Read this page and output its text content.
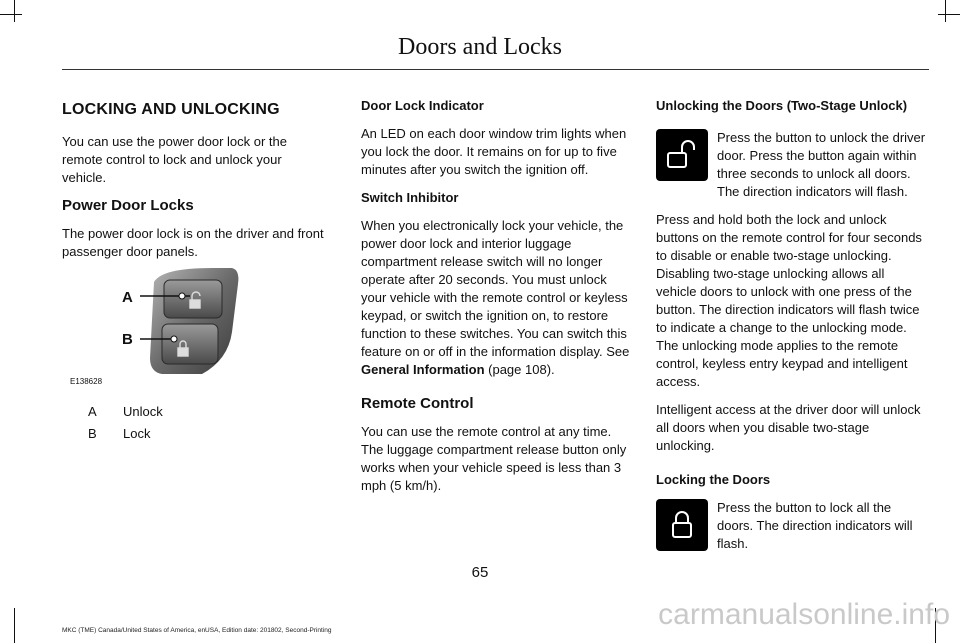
Doors and Locks
LOCKING AND UNLOCKING

You can use the power door lock or the remote control to lock and unlock your vehicle.

Power Door Locks

The power door lock is on the driver and front passenger door panels.

A
B
E138628
A	Unlock
B	Lock
Door Lock Indicator

An LED on each door window trim lights when you lock the door. It remains on for up to five minutes after you switch the ignition off.

Switch Inhibitor

When you electronically lock your vehicle, the power door lock and interior luggage compartment release switch will no longer operate after 20 seconds. You must unlock your vehicle with the remote control or keyless keypad, or switch the ignition on, to restore function to these switches. You can switch this feature on or off in the information display. See General Information (page 108).

Remote Control

You can use the remote control at any time. The luggage compartment release button only works when your vehicle speed is less than 3 mph (5 km/h).

Unlocking the Doors (Two-Stage Unlock)

Press the button to unlock the driver door. Press the button again within three seconds to unlock all doors. The direction indicators will flash.

Press and hold both the lock and unlock buttons on the remote control for four seconds to disable or enable two-stage unlocking. Disabling two-stage unlocking allows all vehicle doors to unlock with one press of the button. The direction indicators will flash twice to indicate a change to the unlocking mode. The unlocking mode applies to the remote control, keyless entry keypad and intelligent access.

Intelligent access at the driver door will unlock all doors when you disable two-stage unlocking.

Locking the Doors

Press the button to lock all the doors. The direction indicators will flash.

65
MKC (TME) Canada/United States of America, enUSA, Edition date: 201802, Second-Printing	carmanualsonline.info
